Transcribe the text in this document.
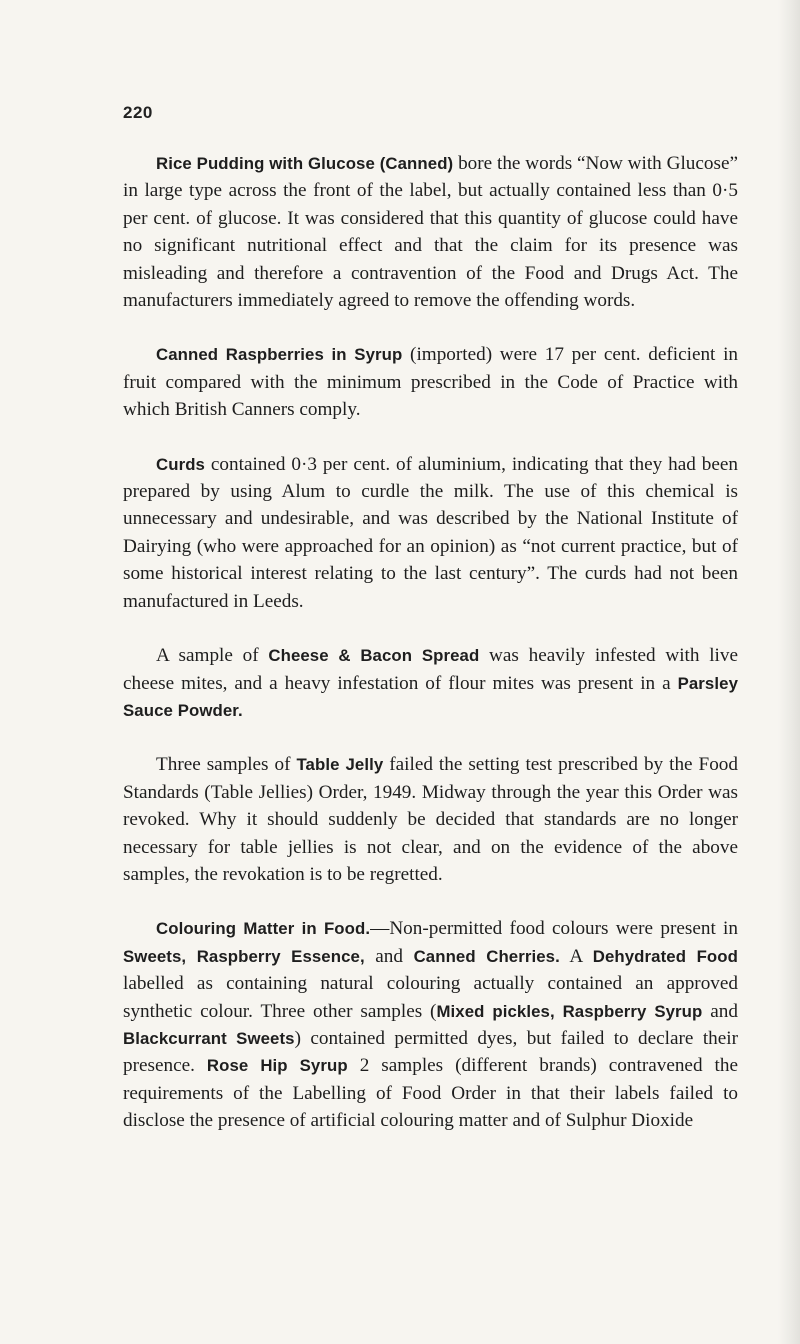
220

Rice Pudding with Glucose (Canned) bore the words “Now with Glucose” in large type across the front of the label, but actually contained less than 0·5 per cent. of glucose. It was considered that this quantity of glucose could have no significant nutritional effect and that the claim for its presence was misleading and therefore a contravention of the Food and Drugs Act. The manufacturers immediately agreed to remove the offending words.

Canned Raspberries in Syrup (imported) were 17 per cent. deficient in fruit compared with the minimum prescribed in the Code of Practice with which British Canners comply.

Curds contained 0·3 per cent. of aluminium, indicating that they had been prepared by using Alum to curdle the milk. The use of this chemical is unnecessary and undesirable, and was described by the National Institute of Dairying (who were approached for an opinion) as “not current practice, but of some historical interest relating to the last century”. The curds had not been manufactured in Leeds.

A sample of Cheese & Bacon Spread was heavily infested with live cheese mites, and a heavy infestation of flour mites was present in a Parsley Sauce Powder.

Three samples of Table Jelly failed the setting test prescribed by the Food Standards (Table Jellies) Order, 1949. Midway through the year this Order was revoked. Why it should suddenly be decided that standards are no longer necessary for table jellies is not clear, and on the evidence of the above samples, the revokation is to be regretted.

Colouring Matter in Food.—Non-permitted food colours were present in Sweets, Raspberry Essence, and Canned Cherries. A Dehydrated Food labelled as containing natural colouring actually contained an approved synthetic colour. Three other samples (Mixed pickles, Raspberry Syrup and Blackcurrant Sweets) contained permitted dyes, but failed to declare their presence. Rose Hip Syrup 2 samples (different brands) contravened the requirements of the Labelling of Food Order in that their labels failed to disclose the presence of artificial colouring matter and of Sulphur Dioxide
